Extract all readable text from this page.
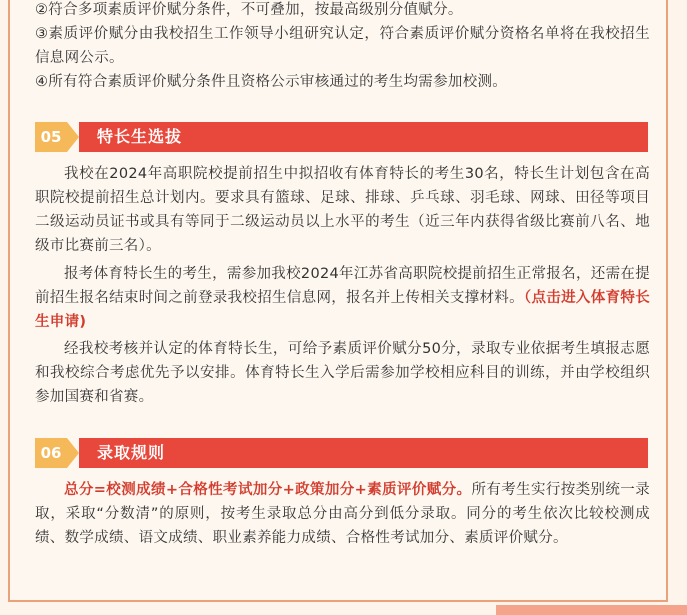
②符合多项素质评价赋分条件，不可叠加，按最高级别分值赋分。

③素质评价赋分由我校招生工作领导小组研究认定，符合素质评价赋分资格名单将在我校招生信息网公示。

④所有符合素质评价赋分条件且资格公示审核通过的考生均需参加校测。

05	特长生选拔

我校在2024年高职院校提前招生中拟招收有体育特长的考生30名，特长生计划包含在高职院校提前招生总计划内。要求具有篮球、足球、排球、乒乓球、羽毛球、网球、田径等项目二级运动员证书或具有等同于二级运动员以上水平的考生（近三年内获得省级比赛前八名、地级市比赛前三名）。

报考体育特长生的考生，需参加我校2024年江苏省高职院校提前招生正常报名，还需在提前招生报名结束时间之前登录我校招生信息网，报名并上传相关支撑材料。（点击进入体育特长生申请)

经我校考核并认定的体育特长生，可给予素质评价赋分50分，录取专业依据考生填报志愿和我校综合考虑优先予以安排。体育特长生入学后需参加学校相应科目的训练，并由学校组织参加国赛和省赛。

06	录取规则

总分=校测成绩+合格性考试加分+政策加分+素质评价赋分。所有考生实行按类别统一录取，采取“分数清”的原则，按考生录取总分由高分到低分录取。同分的考生依次比较校测成绩、数学成绩、语文成绩、职业素养能力成绩、合格性考试加分、素质评价赋分。
